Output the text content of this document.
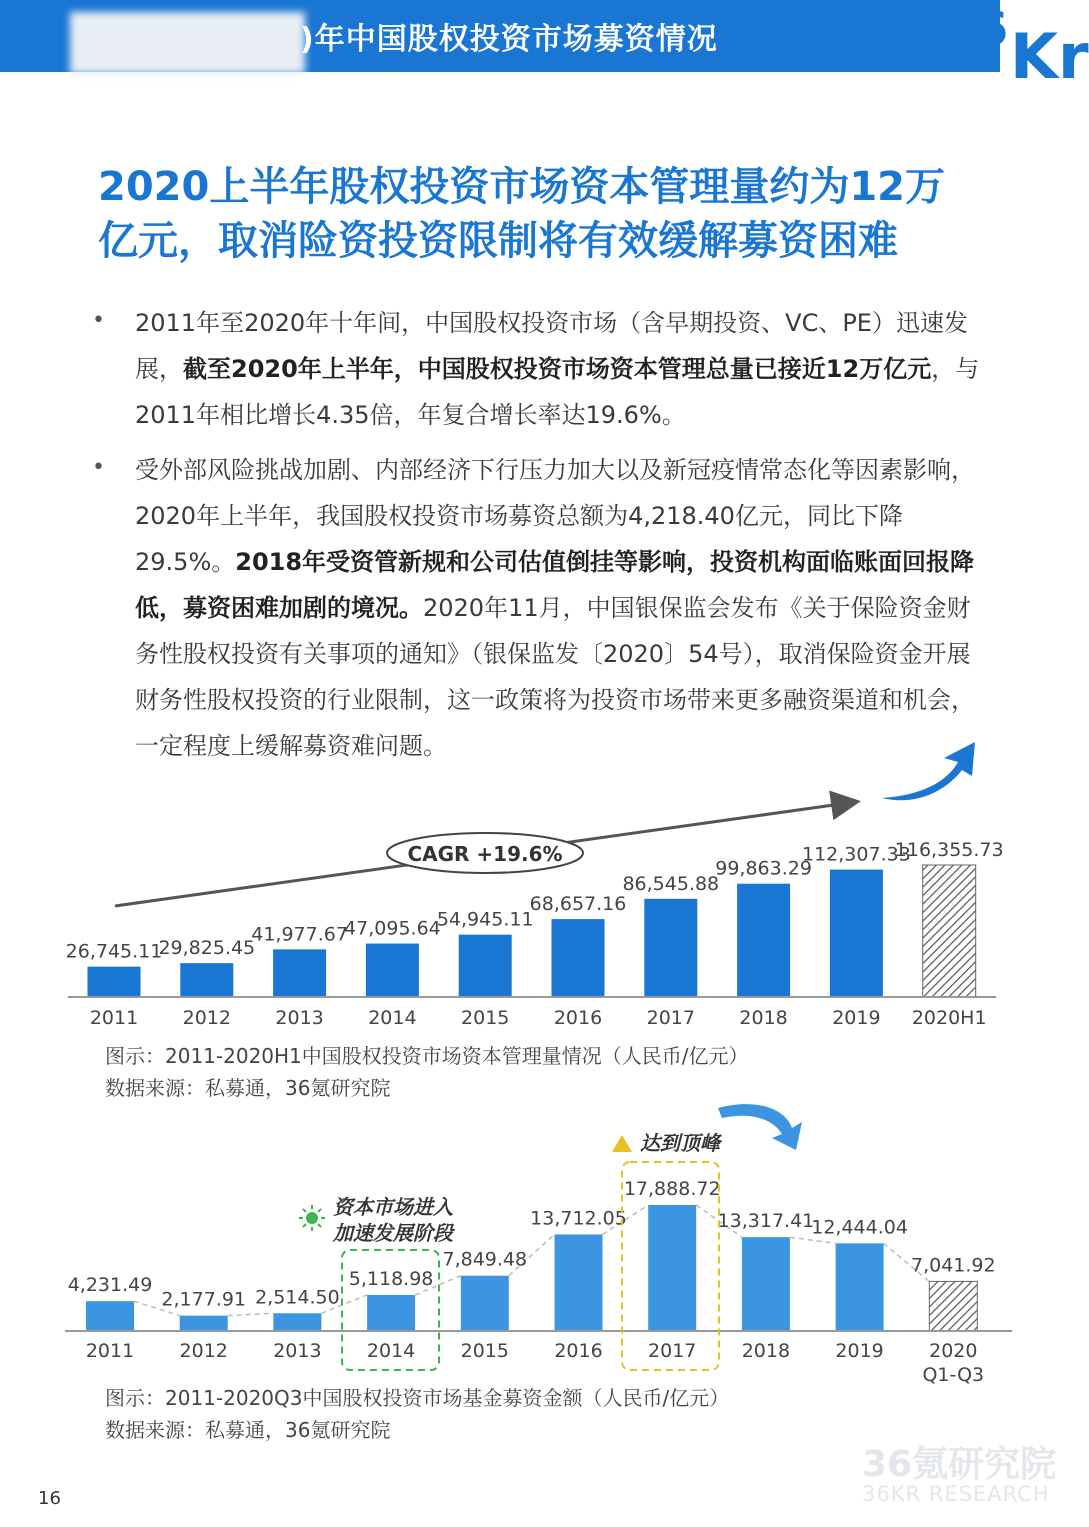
)年中国股权投资市场募资情况	36 Kr
2020上半年股权投资市场资本管理量约为12万
亿元，取消险资投资限制将有效缓解募资困难
• 2011年至2020年十年间，中国股权投资市场（含早期投资、VC、PE）迅速发展，截至2020年上半年，中国股权投资市场资本管理总量已接近12万亿元，与2011年相比增长4.35倍，年复合增长率达19.6%。
• 受外部风险挑战加剧、内部经济下行压力加大以及新冠疫情常态化等因素影响，2020年上半年，我国股权投资市场募资总额为4,218.40亿元，同比下降29.5%。2018年受资管新规和公司估值倒挂等影响，投资机构面临账面回报降低，募资困难加剧的境况。2020年11月，中国银保监会发布《关于保险资金财务性股权投资有关事项的通知》（银保监发〔2020〕54号），取消保险资金开展财务性股权投资的行业限制，这一政策将为投资市场带来更多融资渠道和机会，一定程度上缓解募资难问题。
CAGR +19.6%
26,745.11
2011
29,825.45
2012
41,977.67
2013
47,095.64
2014
54,945.11
2015
68,657.16
2016
86,545.88
2017
99,863.29
2018
112,307.33
2019
116,355.73
2020H1
图示：2011-2020H1中国股权投资市场资本管理量情况（人民币/亿元）
数据来源：私募通，36氪研究院
4,231.49
2011
2,177.91
2012
2,514.50
2013
5,118.98
2014
7,849.48
2015
13,712.05
2016
17,888.72
2017
13,317.41
2018
12,444.04
2019
7,041.92
2020
Q1-Q3
资本市场进入
加速发展阶段
达到顶峰
图示：2011-2020Q3中国股权投资市场基金募资金额（人民币/亿元）
数据来源：私募通，36氪研究院
16
36氪研究院
36KR RESEARCH
